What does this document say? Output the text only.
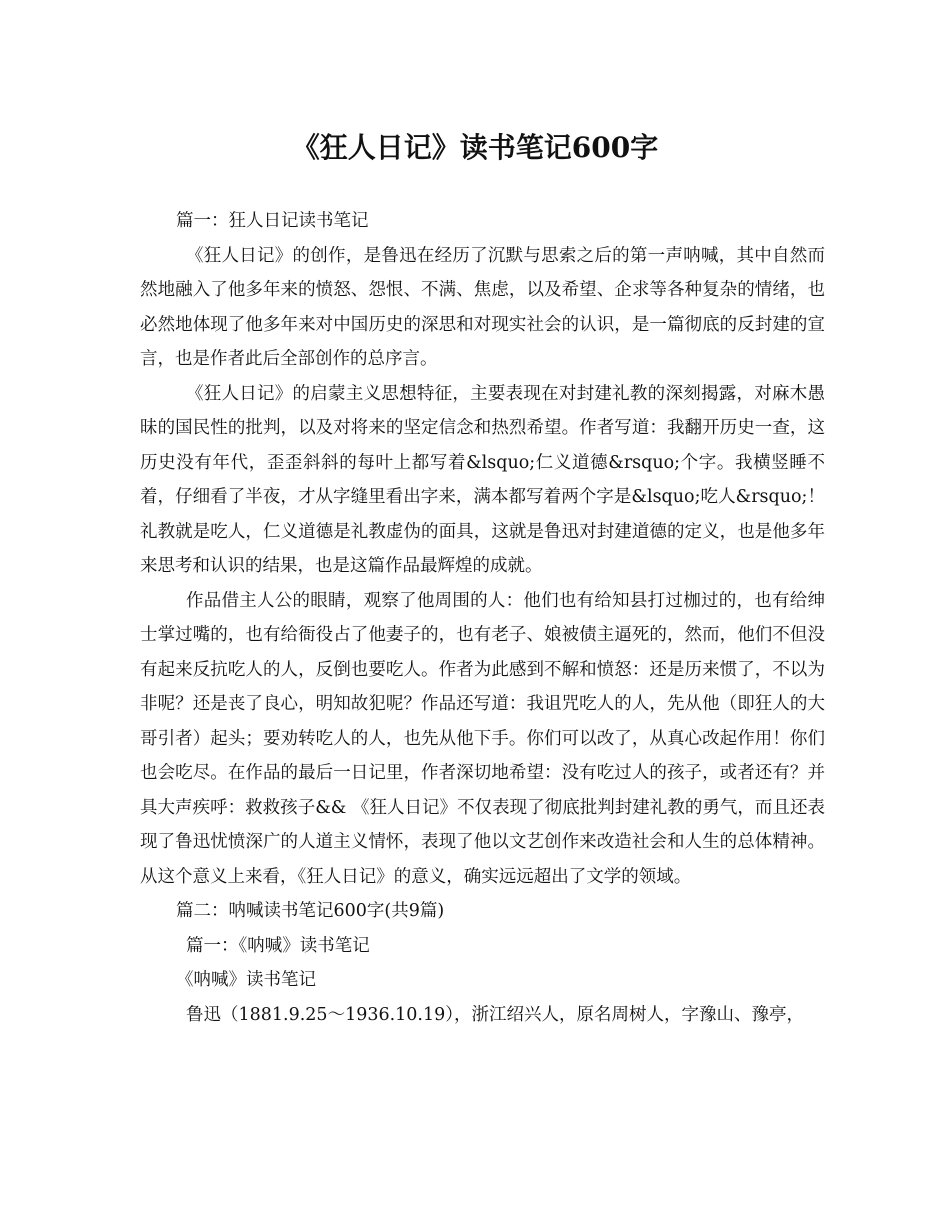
《狂人日记》读书笔记600字

篇一：狂人日记读书笔记

《狂人日记》的创作，是鲁迅在经历了沉默与思索之后的第一声呐喊，其中自然而然地融入了他多年来的愤怒、怨恨、不满、焦虑，以及希望、企求等各种复杂的情绪，也必然地体现了他多年来对中国历史的深思和对现实社会的认识，是一篇彻底的反封建的宣言，也是作者此后全部创作的总序言。

《狂人日记》的启蒙主义思想特征，主要表现在对封建礼教的深刻揭露，对麻木愚昧的国民性的批判，以及对将来的坚定信念和热烈希望。作者写道：我翻开历史一查，这历史没有年代，歪歪斜斜的每叶上都写着&lsquo;仁义道德&rsquo;个字。我横竖睡不着，仔细看了半夜，才从字缝里看出字来，满本都写着两个字是&lsquo;吃人&rsquo;！礼教就是吃人，仁义道德是礼教虚伪的面具，这就是鲁迅对封建道德的定义，也是他多年来思考和认识的结果，也是这篇作品最辉煌的成就。

作品借主人公的眼睛，观察了他周围的人：他们也有给知县打过枷过的，也有给绅士掌过嘴的，也有给衙役占了他妻子的，也有老子、娘被债主逼死的，然而，他们不但没有起来反抗吃人的人，反倒也要吃人。作者为此感到不解和愤怒：还是历来惯了，不以为非呢？还是丧了良心，明知故犯呢？作品还写道：我诅咒吃人的人，先从他（即狂人的大哥引者）起头；要劝转吃人的人，也先从他下手。你们可以改了，从真心改起作用！你们也会吃尽。在作品的最后一日记里，作者深切地希望：没有吃过人的孩子，或者还有？并具大声疾呼：救救孩子&& 《狂人日记》不仅表现了彻底批判封建礼教的勇气，而且还表现了鲁迅忧愤深广的人道主义情怀，表现了他以文艺创作来改造社会和人生的总体精神。从这个意义上来看，《狂人日记》的意义，确实远远超出了文学的领域。

篇二：呐喊读书笔记600字(共9篇)

篇一：《呐喊》读书笔记

《呐喊》读书笔记

鲁迅（1881.9.25～1936.10.19），浙江绍兴人，原名周树人，字豫山、豫亭，
